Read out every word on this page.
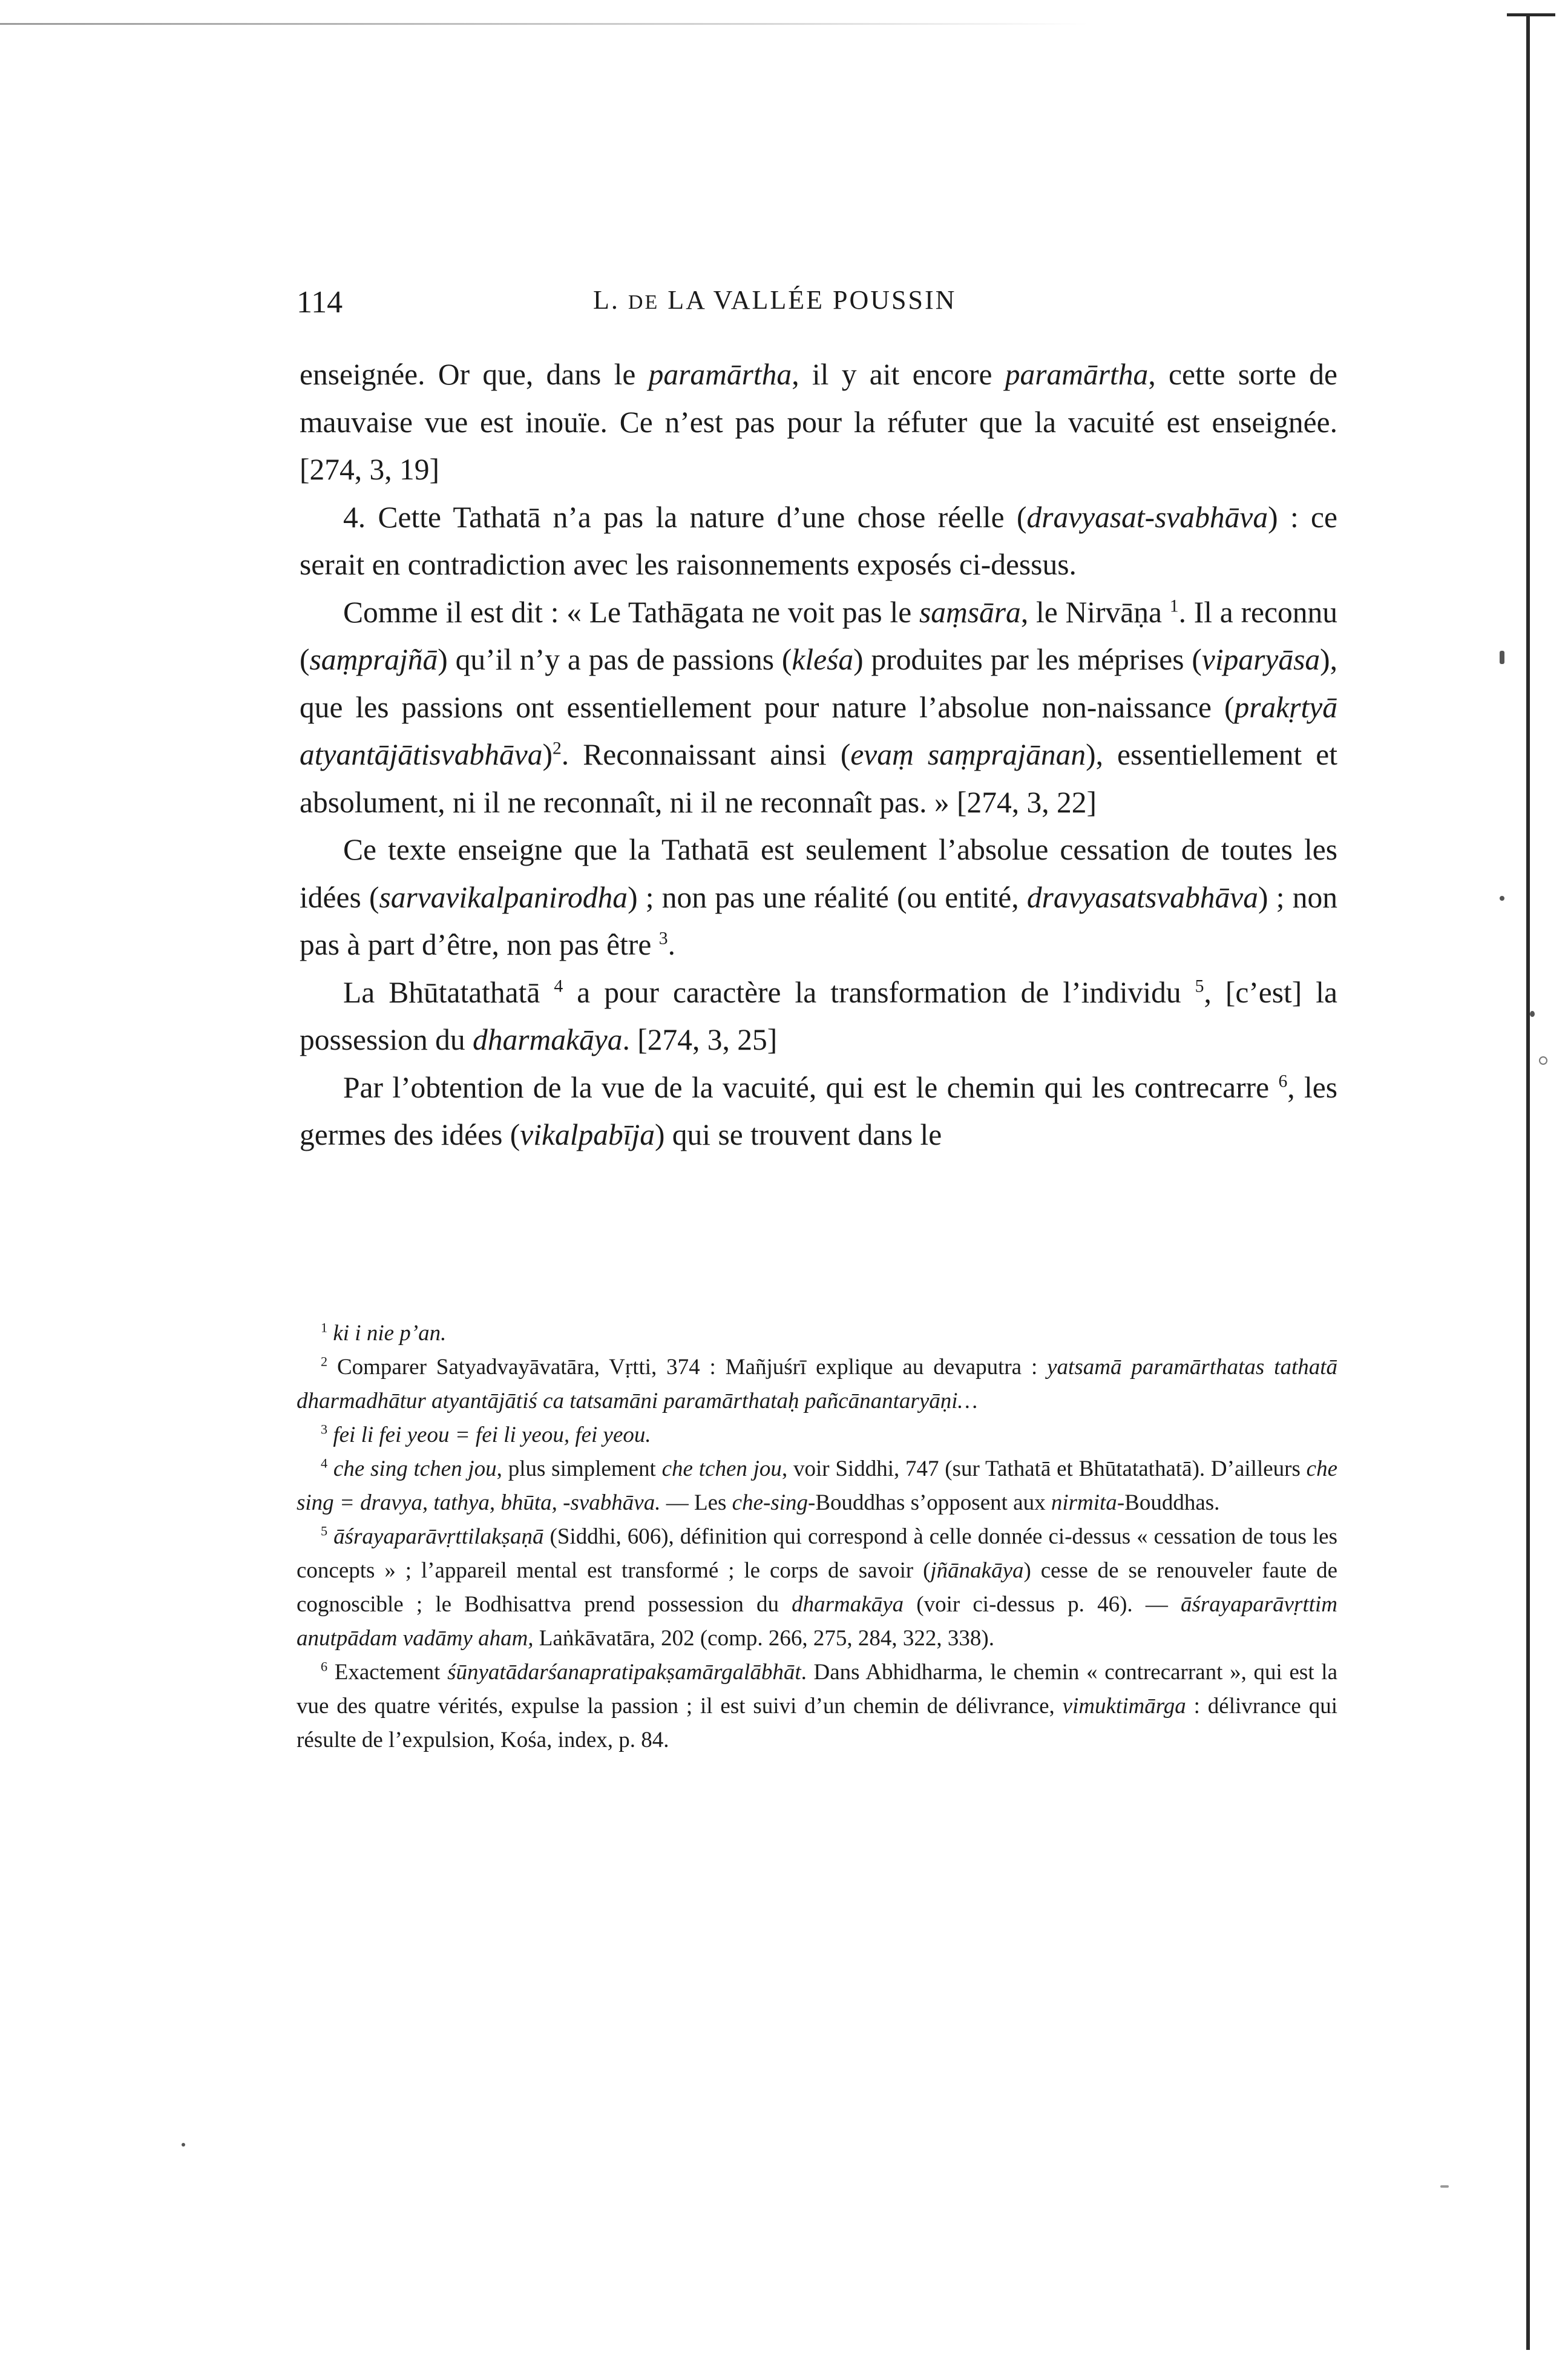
114	L. DE LA VALLÉE POUSSIN

enseignée. Or que, dans le paramārtha, il y ait encore paramārtha, cette sorte de mauvaise vue est inouïe. Ce n’est pas pour la réfuter que la vacuité est enseignée. [274, 3, 19]

4. Cette Tathatā n’a pas la nature d’une chose réelle (dravyasat-svabhāva) : ce serait en contradiction avec les raisonnements exposés ci-dessus.

Comme il est dit : « Le Tathāgata ne voit pas le saṃsāra, le Nirvāṇa $^1$. Il a reconnu (saṃprajñā) qu’il n’y a pas de passions (kleśa) produites par les méprises (viparyāsa), que les passions ont essentiellement pour nature l’absolue non-naissance (prakṛtyā atyantājātisvabhāva)$^2$. Reconnaissant ainsi (evaṃ saṃprajānan), essentiellement et absolument, ni il ne reconnaît, ni il ne reconnaît pas. » [274, 3, 22]

Ce texte enseigne que la Tathatā est seulement l’absolue cessation de toutes les idées (sarvavikalpanirodha) ; non pas une réalité (ou entité, dravyasatsvabhāva) ; non pas à part d’être, non pas être $^3$.

La Bhūtatathatā $^4$ a pour caractère la transformation de l’individu $^5$, [c’est] la possession du dharmakāya. [274, 3, 25]

Par l’obtention de la vue de la vacuité, qui est le chemin qui les contrecarre $^6$, les germes des idées (vikalpabīja) qui se trouvent dans le

$^1$ ki i nie p’an.

$^2$ Comparer Satyadvayāvatāra, Vṛtti, 374 : Mañjuśrī explique au devaputra : yatsamā paramārthatas tathatā dharmadhātur atyantājātiś ca tatsamāni paramārthataḥ pañcānantaryāṇi…

$^3$ fei li fei yeou = fei li yeou, fei yeou.

$^4$ che sing tchen jou, plus simplement che tchen jou, voir Siddhi, 747 (sur Tathatā et Bhūtatathatā). D’ailleurs che sing = dravya, tathya, bhūta, -svabhāva. — Les che-sing-Bouddhas s’opposent aux nirmita-Bouddhas.

$^5$ āśrayaparāvṛttilakṣaṇā (Siddhi, 606), définition qui correspond à celle donnée ci-dessus « cessation de tous les concepts » ; l’appareil mental est transformé ; le corps de savoir (jñānakāya) cesse de se renouveler faute de cognoscible ; le Bodhisattva prend possession du dharmakāya (voir ci-dessus p. 46). — āśrayaparāvṛttim anutpādam vadāmy aham, Laṅkāvatāra, 202 (comp. 266, 275, 284, 322, 338).

$^6$ Exactement śūnyatādarśanapratipakṣamārgalābhāt. Dans Abhidharma, le chemin « contrecarrant », qui est la vue des quatre vérités, expulse la passion ; il est suivi d’un chemin de délivrance, vimuktimārga : délivrance qui résulte de l’expulsion, Kośa, index, p. 84.
